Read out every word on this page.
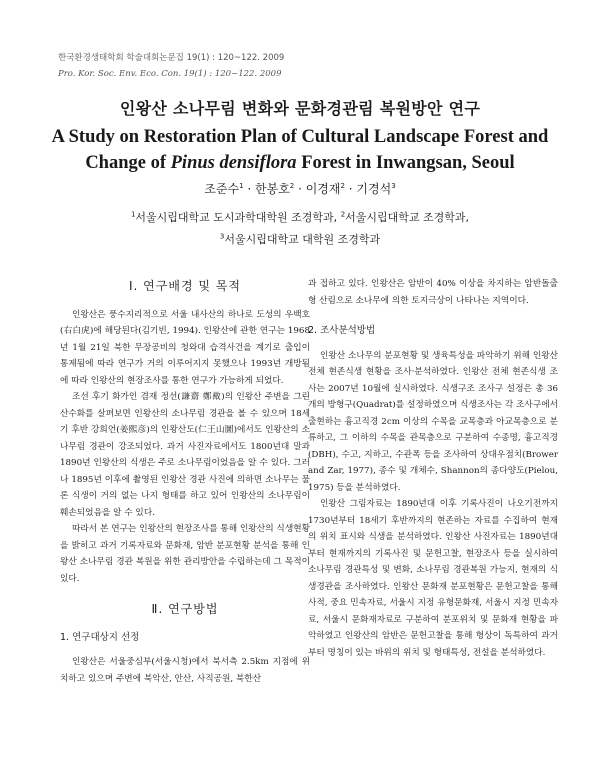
한국환경생태학회 학술대회논문집 19(1) : 120~122. 2009
Pro. Kor. Soc. Env. Eco. Con. 19(1) : 120~122. 2009
인왕산 소나무림 변화와 문화경관림 복원방안 연구
A Study on Restoration Plan of Cultural Landscape Forest and
Change of Pinus densiflora Forest in Inwangsan, Seoul
조준수$^1$ · 한봉호$^2$ · 이경재$^2$ · 기경석$^3$
$^1$서울시립대학교 도시과학대학원 조경학과, $^2$서울시립대학교 조경학과,
$^3$서울시립대학교 대학원 조경학과
Ⅰ. 연구배경 및 목적

인왕산은 풍수지리적으로 서울 내사산의 하나로 도성의 우백호(右白虎)에 해당된다(김기빈, 1994). 인왕산에 관한 연구는 1968년 1월 21일 북한 무장공비의 청와대 습격사건을 계기로 출입이 통제됨에 따라 연구가 거의 이루어지지 못했으나 1993년 개방됨에 따라 인왕산의 현장조사를 통한 연구가 가능하게 되었다.

조선 후기 화가인 겸재 정선(謙齋 鄭敾)의 인왕산 주변을 그린 산수화를 살펴보면 인왕산의 소나무림 경관을 볼 수 있으며 18세기 후반 강희언(姜熙彦)의 인왕산도(仁王山圖)에서도 인왕산의 소나무림 경관이 강조되었다. 과거 사진자료에서도 1800년대 말과 1890년 인왕산의 식생은 주로 소나무림이었음을 알 수 있다. 그러나 1895년 이후에 촬영된 인왕산 경관 사진에 의하면 소나무는 물론 식생이 거의 없는 나지 형태를 하고 있어 인왕산의 소나무림이 훼손되었음을 알 수 있다.

따라서 본 연구는 인왕산의 현장조사를 통해 인왕산의 식생현황을 밝히고 과거 기록자료와 문화재, 암반 분포현황 분석을 통해 인왕산 소나무림 경관 복원을 위한 관리방안을 수립하는데 그 목적이 있다.

Ⅱ. 연구방법
1. 연구대상지 선정

인왕산은 서울중심부(서울시청)에서 북서측 2.5km 지점에 위치하고 있으며 주변에 북악산, 안산, 사직공원, 북한산

과 접하고 있다. 인왕산은 암반이 40% 이상을 차지하는 암반돌출형 산림으로 소나무에 의한 토지극상이 나타나는 지역이다.

2. 조사분석방법

인왕산 소나무의 분포현황 및 생육특성을 파악하기 위해 인왕산 전체 현존식생 현황을 조사·분석하였다. 인왕산 전체 현존식생 조사는 2007년 10월에 실시하였다. 식생구조 조사구 설정은 총 36개의 방형구(Quadrat)를 설정하였으며 식생조사는 각 조사구에서 출현하는 흉고직경 2cm 이상의 수목을 교목층과 아교목층으로 분류하고, 그 이하의 수목을 관목층으로 구분하여 수종명, 흉고직경(DBH), 수고, 지하고, 수관폭 등을 조사하여 상대우점치(Brower and Zar, 1977), 종수 및 개체수, Shannon의 종다양도(Pielou, 1975) 등을 분석하였다.

인왕산 그림자료는 1890년대 이후 기록사진이 나오기전까지 1730년부터 18세기 후반까지의 현존하는 자료를 수집하여 현재의 위치 표시와 식생을 분석하였다. 인왕산 사진자료는 1890년대부터 현재까지의 기록사진 및 문헌고찰, 현장조사 등을 실시하여 소나무림 경관특성 및 변화, 소나무림 경관복원 가능지, 현재의 식생경관을 조사하였다. 인왕산 문화재 분포현황은 문헌고찰을 통해 사적, 중요 민속자료, 서울시 지정 유형문화재, 서울시 지정 민속자료, 서울시 문화재자료로 구분하여 분포위치 및 문화재 현황을 파악하였고 인왕산의 암반은 문헌고찰을 통해 형상이 독특하여 과거부터 명칭이 있는 바위의 위치 및 형태특성, 전설을 분석하였다.
